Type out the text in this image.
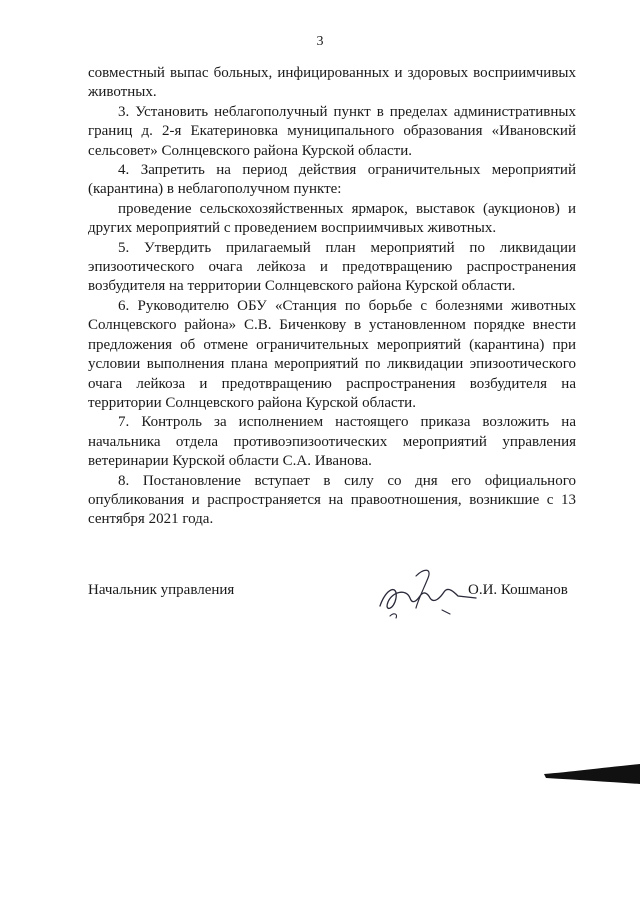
3

совместный выпас больных, инфицированных и здоровых восприимчивых животных.

3. Установить неблагополучный пункт в пределах административных границ д. 2-я Екатериновка муниципального образования «Ивановский сельсовет» Солнцевского района Курской области.

4. Запретить на период действия ограничительных мероприятий (карантина) в неблагополучном пункте:

проведение сельскохозяйственных ярмарок, выставок (аукционов) и других мероприятий с проведением восприимчивых животных.

5. Утвердить прилагаемый план мероприятий по ликвидации эпизоотического очага лейкоза и предотвращению распространения возбудителя на территории Солнцевского района Курской области.

6. Руководителю ОБУ «Станция по борьбе с болезнями животных Солнцевского района» С.В. Биченкову в установленном порядке внести предложения об отмене ограничительных мероприятий (карантина) при условии выполнения плана мероприятий по ликвидации эпизоотического очага лейкоза и предотвращению распространения возбудителя на территории Солнцевского района Курской области.

7. Контроль за исполнением настоящего приказа возложить на начальника отдела противоэпизоотических мероприятий управления ветеринарии Курской области С.А. Иванова.

8. Постановление вступает в силу со дня его официального опубликования и распространяется на правоотношения, возникшие с 13 сентября 2021 года.

Начальник управления	О.И. Кошманов
